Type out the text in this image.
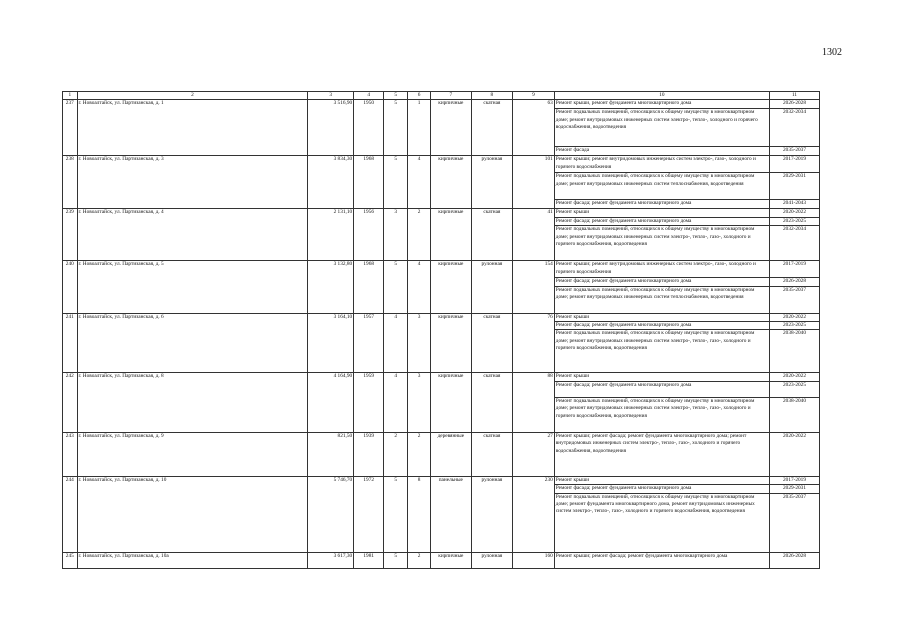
1302
1	2	3	4	5	6	7	8	9	10	11
237	г. Новоалтайск, ул. Партизанская, д. 1	3 516,90	1950	5	1	кирпичные	скатная	63	Ремонт крыши, ремонт фундамента многоквартирного дома	2026-2028
									Ремонт подвальных помещений, относящихся к общему имуществу в многоквартирном доме; ремонт внутридомовых инженерных систем электро-, тепло-, холодного и горячего водоснабжения, водоотведения	2032-2034
									Ремонт фасада	2035-2037
238	г. Новоалтайск, ул. Партизанская, д. 3	3 834,30	1968	5	4	кирпичные	рулонная	101	Ремонт крыши; ремонт внутридомовых инженерных систем электро-, газо-, холодного и горячего водоснабжения	2017-2019
									Ремонт подвальных помещений, относящихся к общему имуществу в многоквартирном доме; ремонт внутридомовых инженерных систем теплоснабжения, водоотведения	2029-2031
									Ремонт фасада; ремонт фундамента многоквартирного дома	2041-2043
239	г. Новоалтайск, ул. Партизанская, д. 4	2 131,10	1956	3	2	кирпичные	скатная	41	Ремонт крыши	2020-2022
									Ремонт фасада; ремонт фундамента многоквартирного дома	2023-2025
									Ремонт подвальных помещений, относящихся к общему имуществу в многоквартирном доме; ремонт внутридомовых инженерных систем электро-, тепло-, газо-, холодного и горячего водоснабжения, водоотведения	2032-2034
240	г. Новоалтайск, ул. Партизанская, д. 5	3 132,80	1968	5	4	кирпичные	рулонная	154	Ремонт крыши; ремонт внутридомовых инженерных систем электро-, газо-, холодного и горячего водоснабжения	2017-2019
									Ремонт фасада; ремонт фундамента многоквартирного дома	2026-2028
									Ремонт подвальных помещений, относящихся к общему имуществу в многоквартирном доме; ремонт внутридомовых инженерных систем теплоснабжения, водоотведения	2035-2037
241	г. Новоалтайск, ул. Партизанская, д. 6	3 164,10	1957	4	3	кирпичные	скатная	76	Ремонт крыши	2020-2022
									Ремонт фасада; ремонт фундамента многоквартирного дома	2023-2025
									Ремонт подвальных помещений, относящихся к общему имуществу в многоквартирном доме; ремонт внутридомовых инженерных систем электро-, тепло-, газо-, холодного и горячего водоснабжения, водоотведения	2038-2040
242	г. Новоалтайск, ул. Партизанская, д. 8	4 164,90	1959	4	3	кирпичные	скатная	88	Ремонт крыши	2020-2022
									Ремонт фасада; ремонт фундамента многоквартирного дома	2023-2025
									Ремонт подвальных помещений, относящихся к общему имуществу в многоквартирном доме; ремонт внутридомовых инженерных систем электро-, тепло-, газо-, холодного и горячего водоснабжения, водоотведения	2038-2040
243	г. Новоалтайск, ул. Партизанская, д. 9	821,50	1939	2	2	деревянные	скатная	27	Ремонт крыши; ремонт фасада; ремонт фундамента многоквартирного дома; ремонт внутридомовых инженерных систем электро-, тепло-, газо-, холодного и горячего водоснабжения, водоотведения	2020-2022
244	г. Новоалтайск, ул. Партизанская, д. 10	5 746,70	1972	5	8	панельные	рулонная	230	Ремонт крыши	2017-2019
									Ремонт фасада; ремонт фундамента многоквартирного дома	2029-2031
									Ремонт подвальных помещений, относящихся к общему имуществу в многоквартирном доме; ремонт фундамента многоквартирного дома, ремонт внутридомовых инженерных систем электро-, тепло-, газо-, холодного и горячего водоснабжения, водоотведения	2035-2037
245	г. Новоалтайск, ул. Партизанская, д. 10а	3 617,30	1981	5	2	кирпичные	рулонная	160	Ремонт крыши; ремонт фасада; ремонт фундамента многоквартирного дома	2026-2028
